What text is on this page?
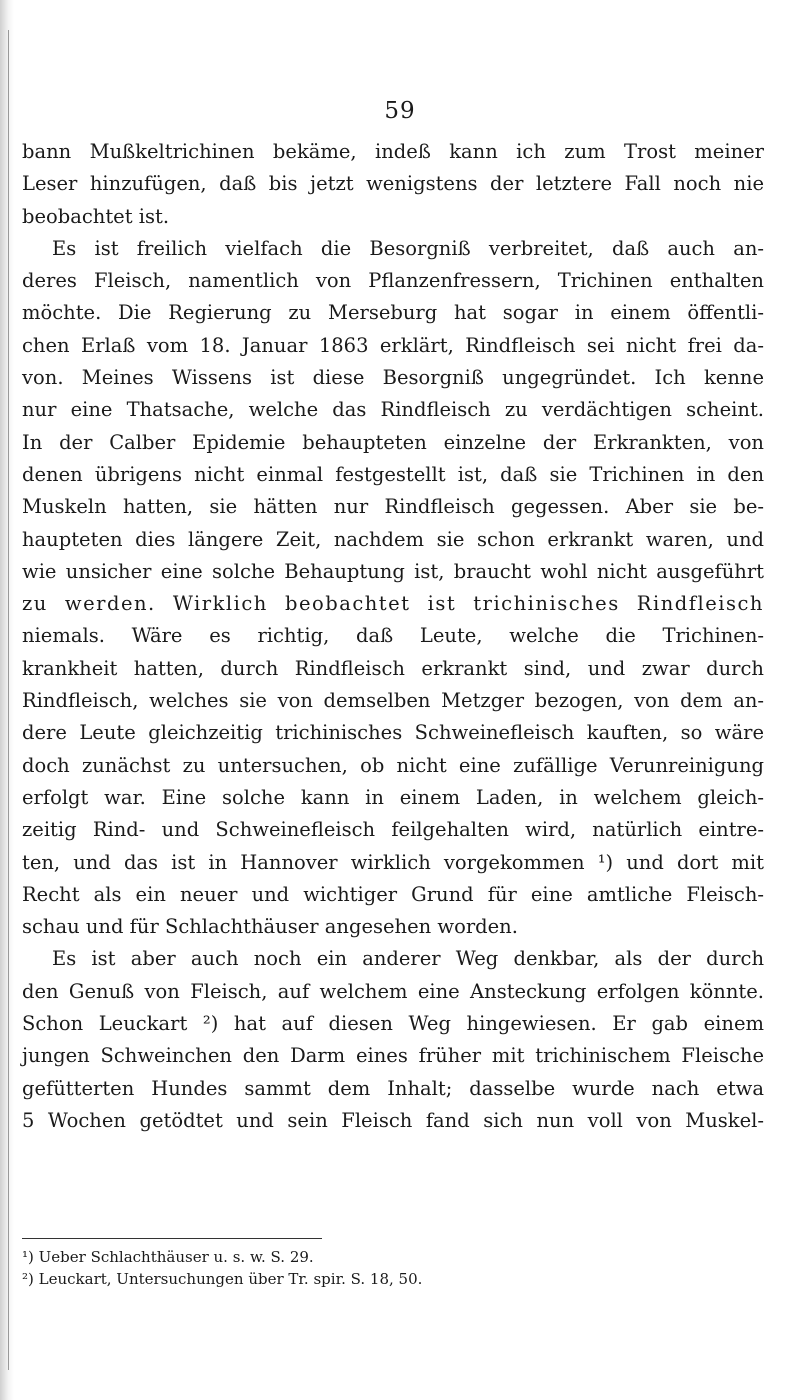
59
bann Mußkeltrichinen bekäme, indeß kann ich zum Trost meiner
Leser hinzufügen, daß bis jetzt wenigstens der letztere Fall noch nie
beobachtet ist.
Es ist freilich vielfach die Besorgniß verbreitet, daß auch an-
deres Fleisch, namentlich von Pflanzenfressern, Trichinen enthalten
möchte. Die Regierung zu Merseburg hat sogar in einem öffentli-
chen Erlaß vom 18. Januar 1863 erklärt, Rindfleisch sei nicht frei da-
von. Meines Wissens ist diese Besorgniß ungegründet. Ich kenne
nur eine Thatsache, welche das Rindfleisch zu verdächtigen scheint.
In der Calber Epidemie behaupteten einzelne der Erkrankten, von
denen übrigens nicht einmal festgestellt ist, daß sie Trichinen in den
Muskeln hatten, sie hätten nur Rindfleisch gegessen. Aber sie be-
haupteten dies längere Zeit, nachdem sie schon erkrankt waren, und
wie unsicher eine solche Behauptung ist, braucht wohl nicht ausgeführt
zu werden. Wirklich beobachtet ist trichinisches Rindfleisch
niemals. Wäre es richtig, daß Leute, welche die Trichinen-
krankheit hatten, durch Rindfleisch erkrankt sind, und zwar durch
Rindfleisch, welches sie von demselben Metzger bezogen, von dem an-
dere Leute gleichzeitig trichinisches Schweinefleisch kauften, so wäre
doch zunächst zu untersuchen, ob nicht eine zufällige Verunreinigung
erfolgt war. Eine solche kann in einem Laden, in welchem gleich-
zeitig Rind- und Schweinefleisch feilgehalten wird, natürlich eintre-
ten, und das ist in Hannover wirklich vorgekommen ¹) und dort mit
Recht als ein neuer und wichtiger Grund für eine amtliche Fleisch-
schau und für Schlachthäuser angesehen worden.
Es ist aber auch noch ein anderer Weg denkbar, als der durch
den Genuß von Fleisch, auf welchem eine Ansteckung erfolgen könnte.
Schon Leuckart ²) hat auf diesen Weg hingewiesen. Er gab einem
jungen Schweinchen den Darm eines früher mit trichinischem Fleische
gefütterten Hundes sammt dem Inhalt; dasselbe wurde nach etwa
5 Wochen getödtet und sein Fleisch fand sich nun voll von Muskel-
¹) Ueber Schlachthäuser u. s. w. S. 29.
²) Leuckart, Untersuchungen über Tr. spir. S. 18, 50.
